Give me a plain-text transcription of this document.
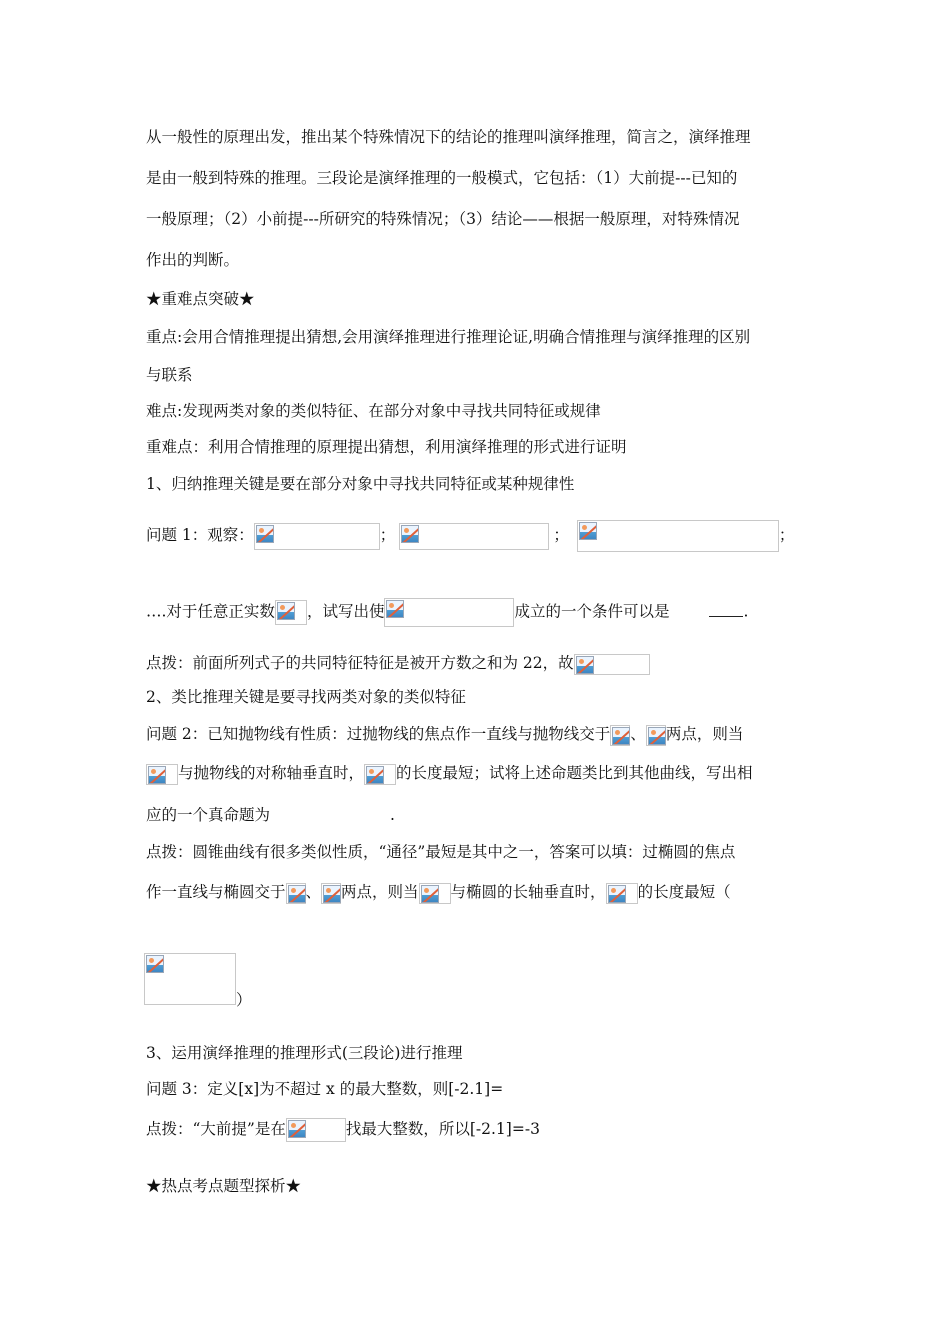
从一般性的原理出发，推出某个特殊情况下的结论的推理叫演绎推理，简言之，演绎推理
是由一般到特殊的推理。三段论是演绎推理的一般模式，它包括：（1）大前提---已知的
一般原理；（2）小前提---所研究的特殊情况；（3）结论——根据一般原理，对特殊情况
作出的判断。
★重难点突破★
重点:会用合情推理提出猜想,会用演绎推理进行推理论证,明确合情推理与演绎推理的区别
与联系
难点:发现两类对象的类似特征、在部分对象中寻找共同特征或规律
重难点：利用合情推理的原理提出猜想，利用演绎推理的形式进行证明
1、归纳推理关键是要在部分对象中寻找共同特征或某种规律性
问题 1：观察：	；	；	；
….对于任意正实数 ，试写出使	成立的一个条件可以是	.
点拨：前面所列式子的共同特征特征是被开方数之和为 22，故
2、类比推理关键是要寻找两类对象的类似特征
问题 2：已知抛物线有性质：过抛物线的焦点作一直线与抛物线交于 、 两点，则当
与抛物线的对称轴垂直时， 的长度最短；试将上述命题类比到其他曲线，写出相
应的一个真命题为	.
点拨：圆锥曲线有很多类似性质，“通径”最短是其中之一，答案可以填：过椭圆的焦点
作一直线与椭圆交于 、 两点，则当 与椭圆的长轴垂直时， 的长度最短（
）
3、运用演绎推理的推理形式(三段论)进行推理
问题 3：定义[x]为不超过 x 的最大整数，则[-2.1]=
点拨：“大前提”是在	找最大整数，所以[-2.1]=-3
★热点考点题型探析★
